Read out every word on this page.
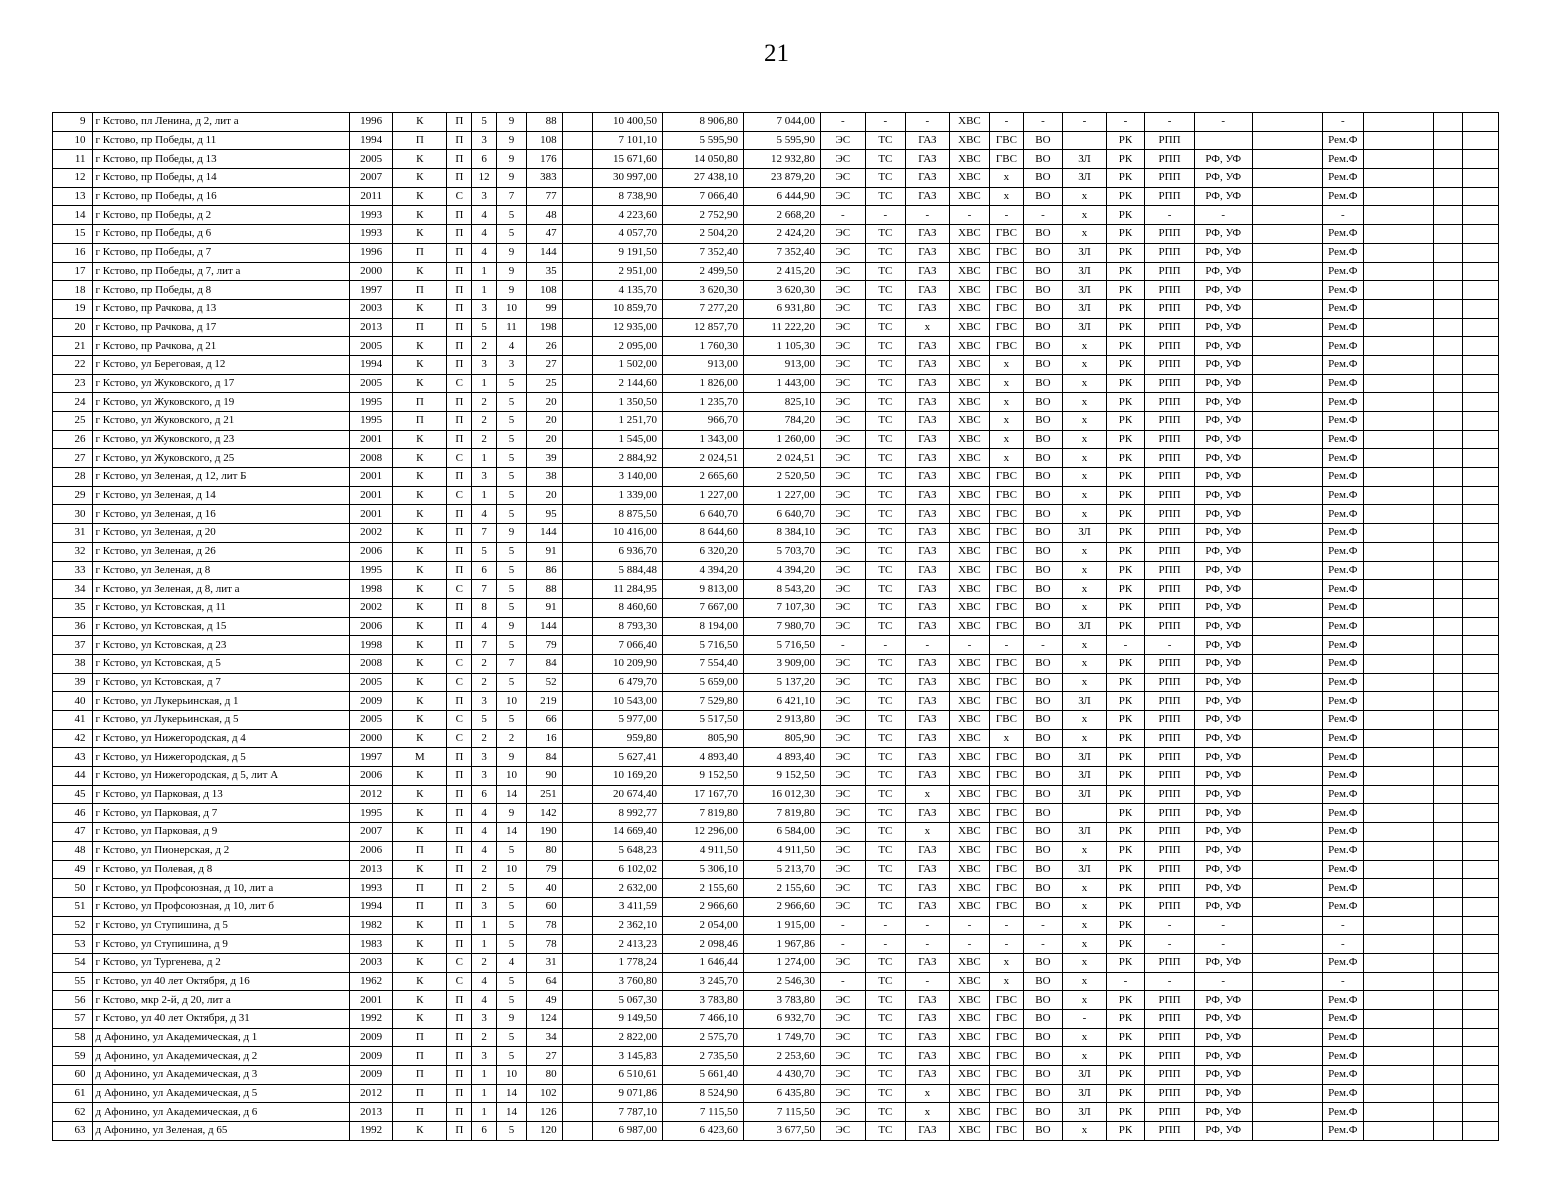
21
9	г Кстово, пл Ленина, д 2, лит а	1996	К	П	5	9	88		10 400,50	8 906,80	7 044,00	-	-	-	ХВС	-	-	-	-	-	-		-			
10	г Кстово, пр Победы, д 11	1994	П	П	3	9	108		7 101,10	5 595,90	5 595,90	ЭС	ТС	ГАЗ	ХВС	ГВС	ВО		РК	РПП			Рем.Ф			
11	г Кстово, пр Победы, д 13	2005	К	П	6	9	176		15 671,60	14 050,80	12 932,80	ЭС	ТС	ГАЗ	ХВС	ГВС	ВО	ЗЛ	РК	РПП	РФ, УФ		Рем.Ф			
12	г Кстово, пр Победы, д 14	2007	К	П	12	9	383		30 997,00	27 438,10	23 879,20	ЭС	ТС	ГАЗ	ХВС	х	ВО	ЗЛ	РК	РПП	РФ, УФ		Рем.Ф			
13	г Кстово, пр Победы, д 16	2011	К	С	3	7	77		8 738,90	7 066,40	6 444,90	ЭС	ТС	ГАЗ	ХВС	х	ВО	х	РК	РПП	РФ, УФ		Рем.Ф			
14	г Кстово, пр Победы, д 2	1993	К	П	4	5	48		4 223,60	2 752,90	2 668,20	-	-	-	-	-	-	х	РК	-	-		-			
15	г Кстово, пр Победы, д 6	1993	К	П	4	5	47		4 057,70	2 504,20	2 424,20	ЭС	ТС	ГАЗ	ХВС	ГВС	ВО	х	РК	РПП	РФ, УФ		Рем.Ф			
16	г Кстово, пр Победы, д 7	1996	П	П	4	9	144		9 191,50	7 352,40	7 352,40	ЭС	ТС	ГАЗ	ХВС	ГВС	ВО	ЗЛ	РК	РПП	РФ, УФ		Рем.Ф			
17	г Кстово, пр Победы, д 7, лит а	2000	К	П	1	9	35		2 951,00	2 499,50	2 415,20	ЭС	ТС	ГАЗ	ХВС	ГВС	ВО	ЗЛ	РК	РПП	РФ, УФ		Рем.Ф			
18	г Кстово, пр Победы, д 8	1997	П	П	1	9	108		4 135,70	3 620,30	3 620,30	ЭС	ТС	ГАЗ	ХВС	ГВС	ВО	ЗЛ	РК	РПП	РФ, УФ		Рем.Ф			
19	г Кстово, пр Рачкова, д 13	2003	К	П	3	10	99		10 859,70	7 277,20	6 931,80	ЭС	ТС	ГАЗ	ХВС	ГВС	ВО	ЗЛ	РК	РПП	РФ, УФ		Рем.Ф			
20	г Кстово, пр Рачкова, д 17	2013	П	П	5	11	198		12 935,00	12 857,70	11 222,20	ЭС	ТС	х	ХВС	ГВС	ВО	ЗЛ	РК	РПП	РФ, УФ		Рем.Ф			
21	г Кстово, пр Рачкова, д 21	2005	К	П	2	4	26		2 095,00	1 760,30	1 105,30	ЭС	ТС	ГАЗ	ХВС	ГВС	ВО	х	РК	РПП	РФ, УФ		Рем.Ф			
22	г Кстово, ул Береговая, д 12	1994	К	П	3	3	27		1 502,00	913,00	913,00	ЭС	ТС	ГАЗ	ХВС	х	ВО	х	РК	РПП	РФ, УФ		Рем.Ф			
23	г Кстово, ул Жуковского, д 17	2005	К	С	1	5	25		2 144,60	1 826,00	1 443,00	ЭС	ТС	ГАЗ	ХВС	х	ВО	х	РК	РПП	РФ, УФ		Рем.Ф			
24	г Кстово, ул Жуковского, д 19	1995	П	П	2	5	20		1 350,50	1 235,70	825,10	ЭС	ТС	ГАЗ	ХВС	х	ВО	х	РК	РПП	РФ, УФ		Рем.Ф			
25	г Кстово, ул Жуковского, д 21	1995	П	П	2	5	20		1 251,70	966,70	784,20	ЭС	ТС	ГАЗ	ХВС	х	ВО	х	РК	РПП	РФ, УФ		Рем.Ф			
26	г Кстово, ул Жуковского, д 23	2001	К	П	2	5	20		1 545,00	1 343,00	1 260,00	ЭС	ТС	ГАЗ	ХВС	х	ВО	х	РК	РПП	РФ, УФ		Рем.Ф			
27	г Кстово, ул Жуковского, д 25	2008	К	С	1	5	39		2 884,92	2 024,51	2 024,51	ЭС	ТС	ГАЗ	ХВС	х	ВО	х	РК	РПП	РФ, УФ		Рем.Ф			
28	г Кстово, ул Зеленая, д 12, лит Б	2001	К	П	3	5	38		3 140,00	2 665,60	2 520,50	ЭС	ТС	ГАЗ	ХВС	ГВС	ВО	х	РК	РПП	РФ, УФ		Рем.Ф			
29	г Кстово, ул Зеленая, д 14	2001	К	С	1	5	20		1 339,00	1 227,00	1 227,00	ЭС	ТС	ГАЗ	ХВС	ГВС	ВО	х	РК	РПП	РФ, УФ		Рем.Ф			
30	г Кстово, ул Зеленая, д 16	2001	К	П	4	5	95		8 875,50	6 640,70	6 640,70	ЭС	ТС	ГАЗ	ХВС	ГВС	ВО	х	РК	РПП	РФ, УФ		Рем.Ф			
31	г Кстово, ул Зеленая, д 20	2002	К	П	7	9	144		10 416,00	8 644,60	8 384,10	ЭС	ТС	ГАЗ	ХВС	ГВС	ВО	ЗЛ	РК	РПП	РФ, УФ		Рем.Ф			
32	г Кстово, ул Зеленая, д 26	2006	К	П	5	5	91		6 936,70	6 320,20	5 703,70	ЭС	ТС	ГАЗ	ХВС	ГВС	ВО	х	РК	РПП	РФ, УФ		Рем.Ф			
33	г Кстово, ул Зеленая, д 8	1995	К	П	6	5	86		5 884,48	4 394,20	4 394,20	ЭС	ТС	ГАЗ	ХВС	ГВС	ВО	х	РК	РПП	РФ, УФ		Рем.Ф			
34	г Кстово, ул Зеленая, д 8, лит а	1998	К	С	7	5	88		11 284,95	9 813,00	8 543,20	ЭС	ТС	ГАЗ	ХВС	ГВС	ВО	х	РК	РПП	РФ, УФ		Рем.Ф			
35	г Кстово, ул Кстовская, д 11	2002	К	П	8	5	91		8 460,60	7 667,00	7 107,30	ЭС	ТС	ГАЗ	ХВС	ГВС	ВО	х	РК	РПП	РФ, УФ		Рем.Ф			
36	г Кстово, ул Кстовская, д 15	2006	К	П	4	9	144		8 793,30	8 194,00	7 980,70	ЭС	ТС	ГАЗ	ХВС	ГВС	ВО	ЗЛ	РК	РПП	РФ, УФ		Рем.Ф			
37	г Кстово, ул Кстовская, д 23	1998	К	П	7	5	79		7 066,40	5 716,50	5 716,50	-	-	-	-	-	-	х	-	-	РФ, УФ		Рем.Ф			
38	г Кстово, ул Кстовская, д 5	2008	К	С	2	7	84		10 209,90	7 554,40	3 909,00	ЭС	ТС	ГАЗ	ХВС	ГВС	ВО	х	РК	РПП	РФ, УФ		Рем.Ф			
39	г Кстово, ул Кстовская, д 7	2005	К	С	2	5	52		6 479,70	5 659,00	5 137,20	ЭС	ТС	ГАЗ	ХВС	ГВС	ВО	х	РК	РПП	РФ, УФ		Рем.Ф			
40	г Кстово, ул Лукерьинская, д 1	2009	К	П	3	10	219		10 543,00	7 529,80	6 421,10	ЭС	ТС	ГАЗ	ХВС	ГВС	ВО	ЗЛ	РК	РПП	РФ, УФ		Рем.Ф			
41	г Кстово, ул Лукерьинская, д 5	2005	К	С	5	5	66		5 977,00	5 517,50	2 913,80	ЭС	ТС	ГАЗ	ХВС	ГВС	ВО	х	РК	РПП	РФ, УФ		Рем.Ф			
42	г Кстово, ул Нижегородская, д 4	2000	К	С	2	2	16		959,80	805,90	805,90	ЭС	ТС	ГАЗ	ХВС	х	ВО	х	РК	РПП	РФ, УФ		Рем.Ф			
43	г Кстово, ул Нижегородская, д 5	1997	М	П	3	9	84		5 627,41	4 893,40	4 893,40	ЭС	ТС	ГАЗ	ХВС	ГВС	ВО	ЗЛ	РК	РПП	РФ, УФ		Рем.Ф			
44	г Кстово, ул Нижегородская, д 5, лит А	2006	К	П	3	10	90		10 169,20	9 152,50	9 152,50	ЭС	ТС	ГАЗ	ХВС	ГВС	ВО	ЗЛ	РК	РПП	РФ, УФ		Рем.Ф			
45	г Кстово, ул Парковая, д 13	2012	К	П	6	14	251		20 674,40	17 167,70	16 012,30	ЭС	ТС	х	ХВС	ГВС	ВО	ЗЛ	РК	РПП	РФ, УФ		Рем.Ф			
46	г Кстово, ул Парковая, д 7	1995	К	П	4	9	142		8 992,77	7 819,80	7 819,80	ЭС	ТС	ГАЗ	ХВС	ГВС	ВО		РК	РПП	РФ, УФ		Рем.Ф			
47	г Кстово, ул Парковая, д 9	2007	К	П	4	14	190		14 669,40	12 296,00	6 584,00	ЭС	ТС	х	ХВС	ГВС	ВО	ЗЛ	РК	РПП	РФ, УФ		Рем.Ф			
48	г Кстово, ул Пионерская, д 2	2006	П	П	4	5	80		5 648,23	4 911,50	4 911,50	ЭС	ТС	ГАЗ	ХВС	ГВС	ВО	х	РК	РПП	РФ, УФ		Рем.Ф			
49	г Кстово, ул Полевая, д 8	2013	К	П	2	10	79		6 102,02	5 306,10	5 213,70	ЭС	ТС	ГАЗ	ХВС	ГВС	ВО	ЗЛ	РК	РПП	РФ, УФ		Рем.Ф			
50	г Кстово, ул Профсоюзная, д 10, лит а	1993	П	П	2	5	40		2 632,00	2 155,60	2 155,60	ЭС	ТС	ГАЗ	ХВС	ГВС	ВО	х	РК	РПП	РФ, УФ		Рем.Ф			
51	г Кстово, ул Профсоюзная, д 10, лит б	1994	П	П	3	5	60		3 411,59	2 966,60	2 966,60	ЭС	ТС	ГАЗ	ХВС	ГВС	ВО	х	РК	РПП	РФ, УФ		Рем.Ф			
52	г Кстово, ул Ступишина, д 5	1982	К	П	1	5	78		2 362,10	2 054,00	1 915,00	-	-	-	-	-	-	х	РК	-	-		-			
53	г Кстово, ул Ступишина, д 9	1983	К	П	1	5	78		2 413,23	2 098,46	1 967,86	-	-	-	-	-	-	х	РК	-	-		-			
54	г Кстово, ул Тургенева, д 2	2003	К	С	2	4	31		1 778,24	1 646,44	1 274,00	ЭС	ТС	ГАЗ	ХВС	х	ВО	х	РК	РПП	РФ, УФ		Рем.Ф			
55	г Кстово, ул 40 лет Октября, д 16	1962	К	С	4	5	64		3 760,80	3 245,70	2 546,30	-	ТС	-	ХВС	х	ВО	х	-	-	-		-			
56	г Кстово, мкр 2-й, д 20, лит а	2001	К	П	4	5	49		5 067,30	3 783,80	3 783,80	ЭС	ТС	ГАЗ	ХВС	ГВС	ВО	х	РК	РПП	РФ, УФ		Рем.Ф			
57	г Кстово, ул 40 лет Октября, д 31	1992	К	П	3	9	124		9 149,50	7 466,10	6 932,70	ЭС	ТС	ГАЗ	ХВС	ГВС	ВО	-	РК	РПП	РФ, УФ		Рем.Ф			
58	д Афонино, ул Академическая, д 1	2009	П	П	2	5	34		2 822,00	2 575,70	1 749,70	ЭС	ТС	ГАЗ	ХВС	ГВС	ВО	х	РК	РПП	РФ, УФ		Рем.Ф			
59	д Афонино, ул Академическая, д 2	2009	П	П	3	5	27		3 145,83	2 735,50	2 253,60	ЭС	ТС	ГАЗ	ХВС	ГВС	ВО	х	РК	РПП	РФ, УФ		Рем.Ф			
60	д Афонино, ул Академическая, д 3	2009	П	П	1	10	80		6 510,61	5 661,40	4 430,70	ЭС	ТС	ГАЗ	ХВС	ГВС	ВО	ЗЛ	РК	РПП	РФ, УФ		Рем.Ф			
61	д Афонино, ул Академическая, д 5	2012	П	П	1	14	102		9 071,86	8 524,90	6 435,80	ЭС	ТС	х	ХВС	ГВС	ВО	ЗЛ	РК	РПП	РФ, УФ		Рем.Ф			
62	д Афонино, ул Академическая, д 6	2013	П	П	1	14	126		7 787,10	7 115,50	7 115,50	ЭС	ТС	х	ХВС	ГВС	ВО	ЗЛ	РК	РПП	РФ, УФ		Рем.Ф			
63	д Афонино, ул Зеленая, д 65	1992	К	П	6	5	120		6 987,00	6 423,60	3 677,50	ЭС	ТС	ГАЗ	ХВС	ГВС	ВО	х	РК	РПП	РФ, УФ		Рем.Ф			
